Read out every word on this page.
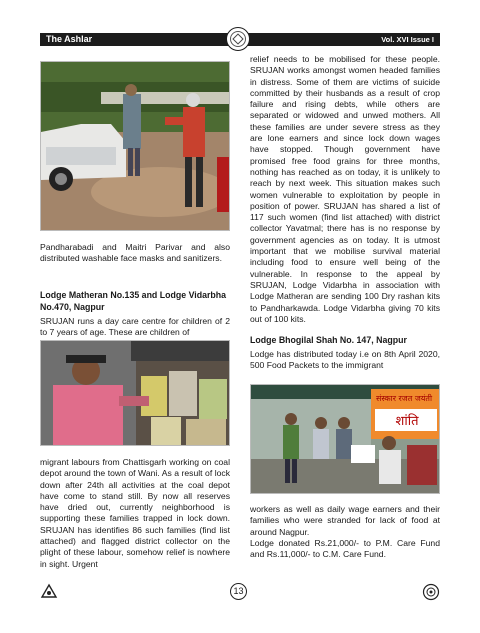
The Ashlar	Vol. XVI Issue I

Pandharabadi and Maitri Parivar and also distributed washable face masks and sanitizers.

Lodge Matheran No.135 and Lodge Vidarbha No.470, Nagpur

SRUJAN runs a day care centre for children of 2 to 7 years of age. These are children of

migrant labours from Chattisgarh working on coal depot around the town of Wani. As a result of lock down after 24th all activities at the coal depot have come to stand still. By now all reserves have dried out, currently neighborhood is supporting these families trapped in lock down. SRUJAN has identifies 86 such families (find list attached) and flagged district collector on the plight of these labour, somehow relief is nowhere in sight. Urgent

relief needs to be mobilised for these people. SRUJAN works amongst women headed families in distress. Some of them are victims of suicide committed by their husbands as a result of crop failure and rising debts, while others are separated or widowed and unwed mothers. All these families are under severe stress as they are lone earners and since lock down wages have stopped. Though government have promised free food grains for three months, nothing has reached as on today, it is unlikely to reach by next week. This situation makes such women vulnerable to exploitation by people in position of power. SRUJAN has shared a list of 117 such women (find list attached) with district collector Yavatmal; there has is no response by government agencies as on today. It is utmost important that we mobilise survival material including food to ensure well being of the vulnerable. In response to the appeal by SRUJAN, Lodge Vidarbha in association with Lodge Matheran are sending 100 Dry rashan kits to Pandharkawda. Lodge Vidarbha giving 70 kits out of 100 kits.

Lodge Bhogilal Shah No. 147, Nagpur

Lodge has distributed today i.e on 8th April 2020, 500 Food Packets to the immigrant

संस्कार रजत जयंती
शांति

workers as well as daily wage earners and their families who were stranded for lack of food at around Nagpur.

Lodge donated Rs.21,000/- to P.M. Care Fund and Rs.11,000/- to C.M. Care Fund.

13
